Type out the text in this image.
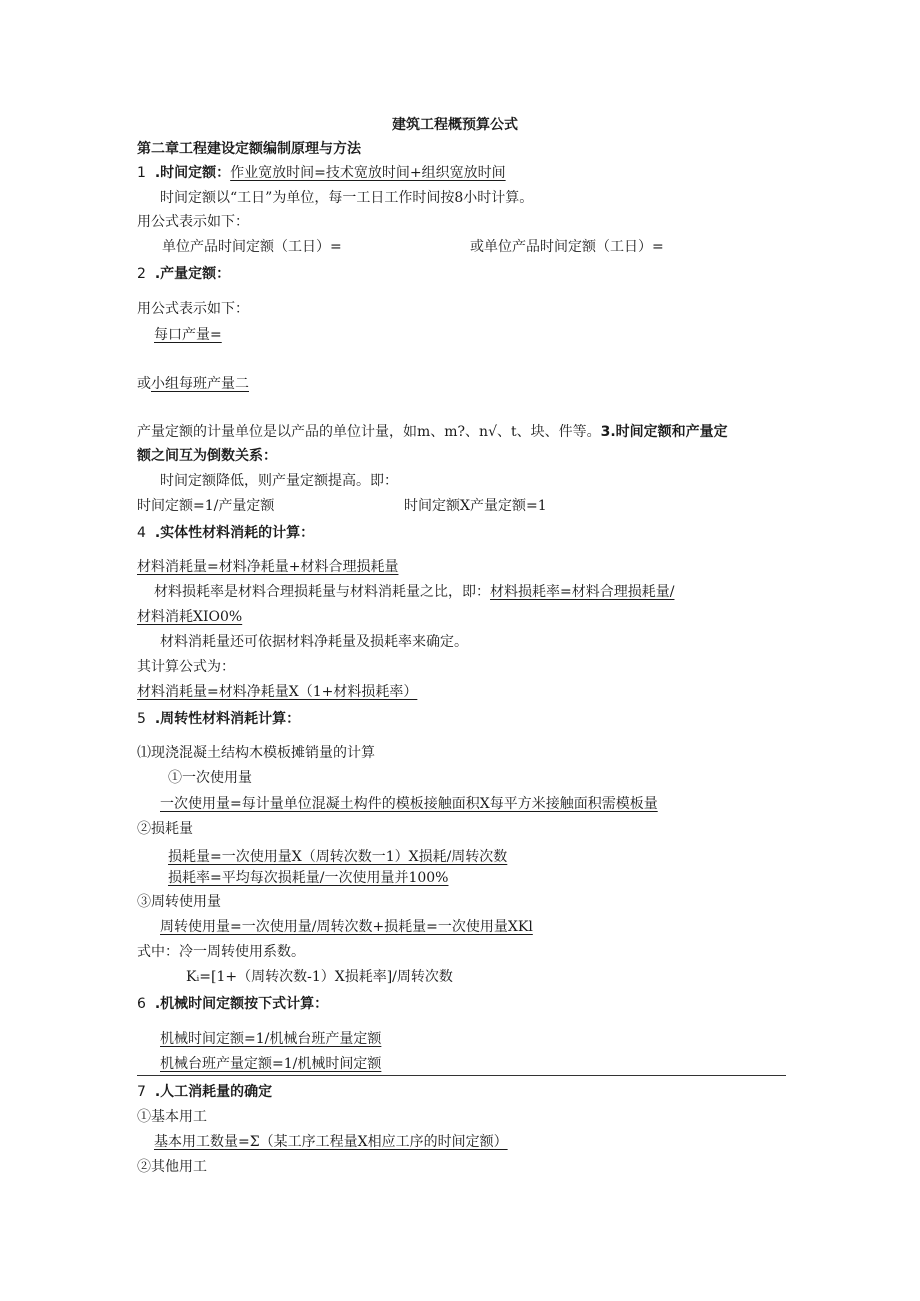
建筑工程概预算公式
第二章工程建设定额编制原理与方法
1 .时间定额：作业宽放时间=技术宽放时间+组织宽放时间
时间定额以“工日”为单位，每一工日工作时间按8小时计算。
用公式表示如下：
单位产品时间定额（工日）=	或单位产品时间定额（工日）=
2 .产量定额：
用公式表示如下：
每口产量=
或小组每班产量二
产量定额的计量单位是以产品的单位计量，如m、m?、n√、t、块、件等。3.时间定额和产量定
额之间互为倒数关系：
时间定额降低，则产量定额提高。即：
时间定额=1/产量定额	时间定额X产量定额=1
4 .实体性材料消耗的计算：
材料消耗量=材料净耗量+材料合理损耗量
材料损耗率是材料合理损耗量与材料消耗量之比，即：材料损耗率=材料合理损耗量/
材料消耗XIO0%
材料消耗量还可依据材料净耗量及损耗率来确定。
其计算公式为：
材料消耗量=材料净耗量X（1+材料损耗率）
5 .周转性材料消耗计算：
⑴现浇混凝土结构木模板摊销量的计算
①一次使用量
一次使用量=每计量单位混凝土构件的模板接触面积X每平方米接触面积需模板量
②损耗量
损耗量=一次使用量X（周转次数一1）X损耗/周转次数
损耗率=平均每次损耗量/一次使用量并100%
③周转使用量
周转使用量=一次使用量/周转次数+损耗量=一次使用量XKl
式中：冷一周转使用系数。
Kᵢ=[1+（周转次数-1）X损耗率]/周转次数
6 .机械时间定额按下式计算：
机械时间定额=1/机械台班产量定额
机械台班产量定额=1/机械时间定额
7 .人工消耗量的确定
①基本用工
基本用工数量=Σ（某工序工程量X相应工序的时间定额）
②其他用工
